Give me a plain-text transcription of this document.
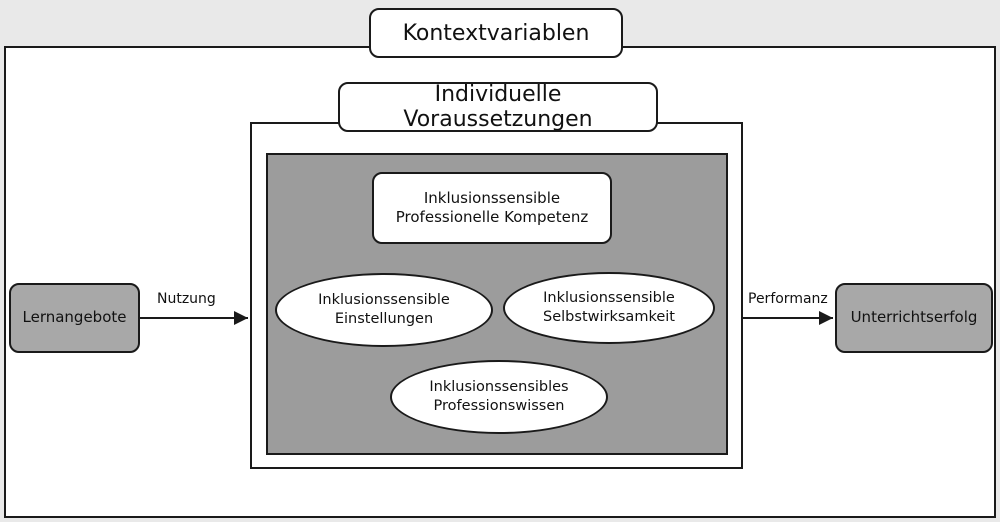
Kontextvariablen
Individuelle Voraussetzungen
Inklusionssensible
Professionelle Kompetenz
Inklusionssensible
Einstellungen
Inklusionssensible
Selbstwirksamkeit
Inklusionssensibles
Professionswissen
Lernangebote	Unterrichtserfolg
Nutzung	Performanz
